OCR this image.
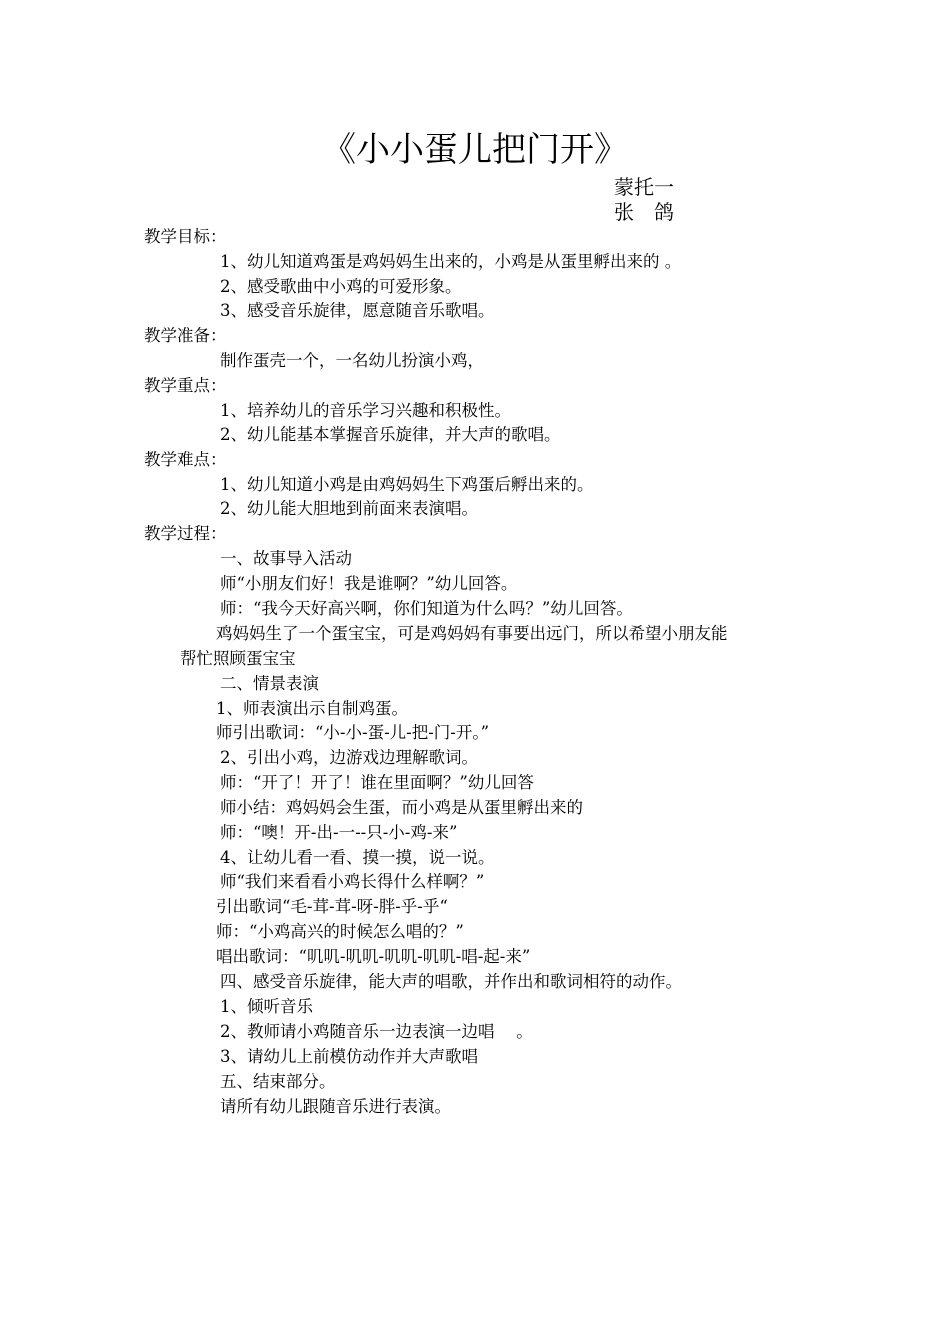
《小小蛋儿把门开》
蒙托一
张　鸽
教学目标：
1、幼儿知道鸡蛋是鸡妈妈生出来的，小鸡是从蛋里孵出来的 。
2、感受歌曲中小鸡的可爱形象。
3、感受音乐旋律，愿意随音乐歌唱。
教学准备：
制作蛋壳一个，一名幼儿扮演小鸡，
教学重点：
1、培养幼儿的音乐学习兴趣和积极性。
2、幼儿能基本掌握音乐旋律，并大声的歌唱。
教学难点：
1、幼儿知道小鸡是由鸡妈妈生下鸡蛋后孵出来的。
2、幼儿能大胆地到前面来表演唱。
教学过程：
一、故事导入活动
师“小朋友们好！我是谁啊？”幼儿回答。
师：“我今天好高兴啊，你们知道为什么吗？”幼儿回答。
鸡妈妈生了一个蛋宝宝，可是鸡妈妈有事要出远门，所以希望小朋友能
帮忙照顾蛋宝宝
二、情景表演
1、师表演出示自制鸡蛋。
师引出歌词：“小-小-蛋-儿-把-门-开。”
2、引出小鸡，边游戏边理解歌词。
师：“开了！开了！谁在里面啊？”幼儿回答
师小结：鸡妈妈会生蛋，而小鸡是从蛋里孵出来的
师：“噢！开-出-一--只-小-鸡-来”
4、让幼儿看一看、摸一摸，说一说。
师“我们来看看小鸡长得什么样啊？”
引出歌词“毛-茸-茸-呀-胖-乎-乎“
师：“小鸡高兴的时候怎么唱的？”
唱出歌词：“叽叽-叽叽-叽叽-叽叽-唱-起-来”
四、感受音乐旋律，能大声的唱歌，并作出和歌词相符的动作。
1、倾听音乐
2、教师请小鸡随音乐一边表演一边唱　 。
3、请幼儿上前模仿动作并大声歌唱
五、结束部分。
请所有幼儿跟随音乐进行表演。
